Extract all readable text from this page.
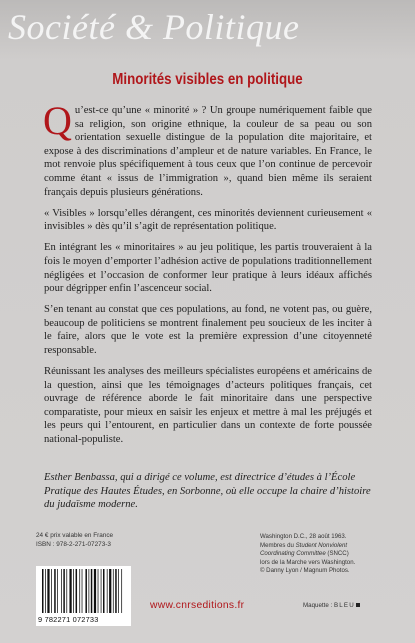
Société & Politique
Minorités visibles en politique

Qu’est-ce qu’une « minorité » ? Un groupe numériquement faible que sa religion, son origine ethnique, la couleur de sa peau ou son orientation sexuelle distingue de la population dite majoritaire, et expose à des discriminations d’ampleur et de nature variables. En France, le mot renvoie plus spécifiquement à tous ceux que l’on continue de percevoir comme étant « issus de l’immigration », quand bien même ils seraient français depuis plusieurs générations.

« Visibles » lorsqu’elles dérangent, ces minorités deviennent curieusement « invisibles » dès qu’il s’agit de représentation politique.

En intégrant les « minoritaires » au jeu politique, les partis trouveraient à la fois le moyen d’emporter l’adhésion active de populations traditionnellement négligées et l’occasion de conformer leur pratique à leurs idéaux affichés pour dégripper enfin l’ascenceur social.

S’en tenant au constat que ces populations, au fond, ne votent pas, ou guère, beaucoup de politiciens se montrent finalement peu soucieux de les inciter à le faire, alors que le vote est la première expression d’une citoyenneté responsable.

Réunissant les analyses des meilleurs spécialistes européens et américains de la question, ainsi que les témoignages d’acteurs politiques français, cet ouvrage de référence aborde le fait minoritaire dans une perspective comparatiste, pour mieux en saisir les enjeux et mettre à mal les préjugés et les peurs qui l’entourent, en particulier dans un contexte de forte poussée national-populiste.

Esther Benbassa, qui a dirigé ce volume, est directrice d’études à l’École Pratique des Hautes Études, en Sorbonne, où elle occupe la chaire d’histoire du judaïsme moderne.
24 € prix valable en France
ISBN : 978-2-271-07273-3
Washington D.C., 28 août 1963.
Membres du Student Nonviolent
Coordinating Committee (SNCC)
lors de la Marche vers Washington.
© Danny Lyon / Magnum Photos.
9 782271 072733
www.cnrseditions.fr	Maquette : BLEU
